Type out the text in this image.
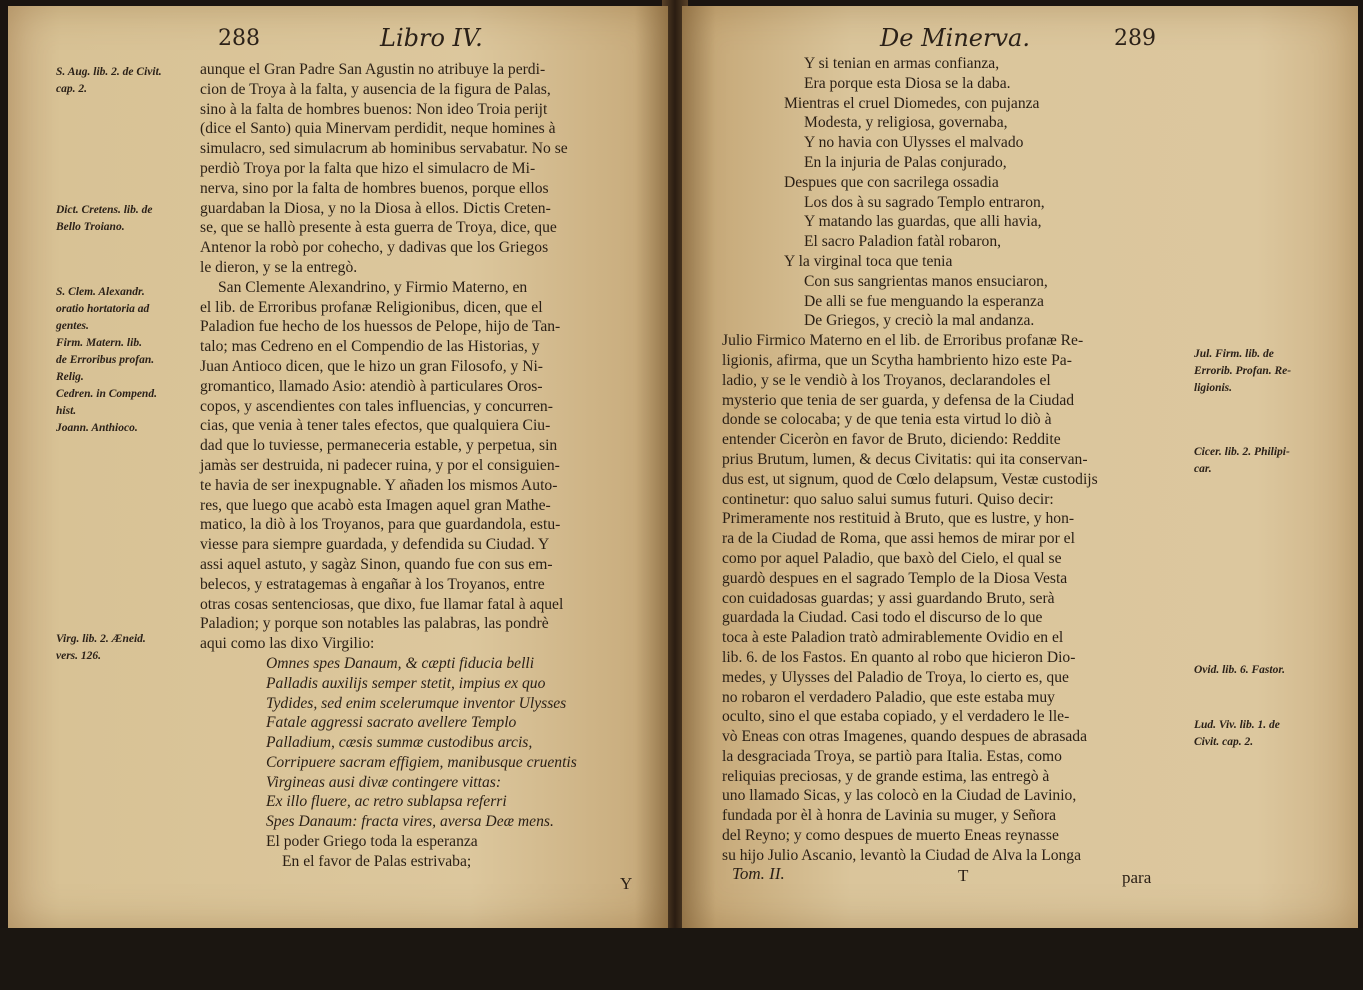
288	Libro IV.
S. Aug. lib. 2. de Civit.
cap. 2.
Dict. Cretens. lib. de
Bello Troiano.
S. Clem. Alexandr.
oratio hortatoria ad
gentes.
Firm. Matern. lib.
de Erroribus profan.
Relig.
Cedren. in Compend.
hist.
Joann. Anthioco.
Virg. lib. 2. Æneid.
vers. 126.
aunque el Gran Padre San Agustin no atribuye la perdi-
cion de Troya à la falta, y ausencia de la figura de Palas,
sino à la falta de hombres buenos: Non ideo Troia perijt
(dice el Santo) quia Minervam perdidit, neque homines à
simulacro, sed simulacrum ab hominibus servabatur. No se
perdiò Troya por la falta que hizo el simulacro de Mi-
nerva, sino por la falta de hombres buenos, porque ellos
guardaban la Diosa, y no la Diosa à ellos. Dictis Creten-
se, que se hallò presente à esta guerra de Troya, dice, que
Antenor la robò por cohecho, y dadivas que los Griegos
le dieron, y se la entregò.
San Clemente Alexandrino, y Firmio Materno, en
el lib. de Erroribus profanæ Religionibus, dicen, que el
Paladion fue hecho de los huessos de Pelope, hijo de Tan-
talo; mas Cedreno en el Compendio de las Historias, y
Juan Antioco dicen, que le hizo un gran Filosofo, y Ni-
gromantico, llamado Asio: atendiò à particulares Oros-
copos, y ascendientes con tales influencias, y concurren-
cias, que venia à tener tales efectos, que qualquiera Ciu-
dad que lo tuviesse, permaneceria estable, y perpetua, sin
jamàs ser destruida, ni padecer ruina, y por el consiguien-
te havia de ser inexpugnable. Y añaden los mismos Auto-
res, que luego que acabò esta Imagen aquel gran Mathe-
matico, la diò à los Troyanos, para que guardandola, estu-
viesse para siempre guardada, y defendida su Ciudad. Y
assi aquel astuto, y sagàz Sinon, quando fue con sus em-
belecos, y estratagemas à engañar à los Troyanos, entre
otras cosas sentenciosas, que dixo, fue llamar fatal à aquel
Paladion; y porque son notables las palabras, las pondrè
aqui como las dixo Virgilio:
Omnes spes Danaum, & cæpti fiducia belli
Palladis auxilijs semper stetit, impius ex quo
Tydides, sed enim scelerumque inventor Ulysses
Fatale aggressi sacrato avellere Templo
Palladium, cæsis summæ custodibus arcis,
Corripuere sacram effigiem, manibusque cruentis
Virgineas ausi divæ contingere vittas:
Ex illo fluere, ac retro sublapsa referri
Spes Danaum: fracta vires, aversa Deæ mens.
El poder Griego toda la esperanza
En el favor de Palas estrivaba;
Y
De Minerva.	289
Y si tenian en armas confianza,
Era porque esta Diosa se la daba.
Mientras el cruel Diomedes, con pujanza
Modesta, y religiosa, governaba,
Y no havia con Ulysses el malvado
En la injuria de Palas conjurado,
Despues que con sacrilega ossadia
Los dos à su sagrado Templo entraron,
Y matando las guardas, que alli havia,
El sacro Paladion fatàl robaron,
Y la virginal toca que tenia
Con sus sangrientas manos ensuciaron,
De alli se fue menguando la esperanza
De Griegos, y creciò la mal andanza.
Julio Firmico Materno en el lib. de Erroribus profanæ Re-
ligionis, afirma, que un Scytha hambriento hizo este Pa-
ladio, y se le vendiò à los Troyanos, declarandoles el
mysterio que tenia de ser guarda, y defensa de la Ciudad
donde se colocaba; y de que tenia esta virtud lo diò à
entender Ciceròn en favor de Bruto, diciendo: Reddite
prius Brutum, lumen, & decus Civitatis: qui ita conservan-
dus est, ut signum, quod de Cœlo delapsum, Vestæ custodijs
continetur: quo saluo salui sumus futuri. Quiso decir:
Primeramente nos restituid à Bruto, que es lustre, y hon-
ra de la Ciudad de Roma, que assi hemos de mirar por el
como por aquel Paladio, que baxò del Cielo, el qual se
guardò despues en el sagrado Templo de la Diosa Vesta
con cuidadosas guardas; y assi guardando Bruto, serà
guardada la Ciudad. Casi todo el discurso de lo que
toca à este Paladion tratò admirablemente Ovidio en el
lib. 6. de los Fastos. En quanto al robo que hicieron Dio-
medes, y Ulysses del Paladio de Troya, lo cierto es, que
no robaron el verdadero Paladio, que este estaba muy
oculto, sino el que estaba copiado, y el verdadero le lle-
vò Eneas con otras Imagenes, quando despues de abrasada
la desgraciada Troya, se partiò para Italia. Estas, como
reliquias preciosas, y de grande estima, las entregò à
uno llamado Sicas, y las colocò en la Ciudad de Lavinio,
fundada por èl à honra de Lavinia su muger, y Señora
del Reyno; y como despues de muerto Eneas reynasse
su hijo Julio Ascanio, levantò la Ciudad de Alva la Longa
Jul. Firm. lib. de
Errorib. Profan. Re-
ligionis.
Cicer. lib. 2. Philipi-
car.
Ovid. lib. 6. Fastor.
Lud. Viv. lib. 1. de
Civit. cap. 2.
Tom. II.	T	para
